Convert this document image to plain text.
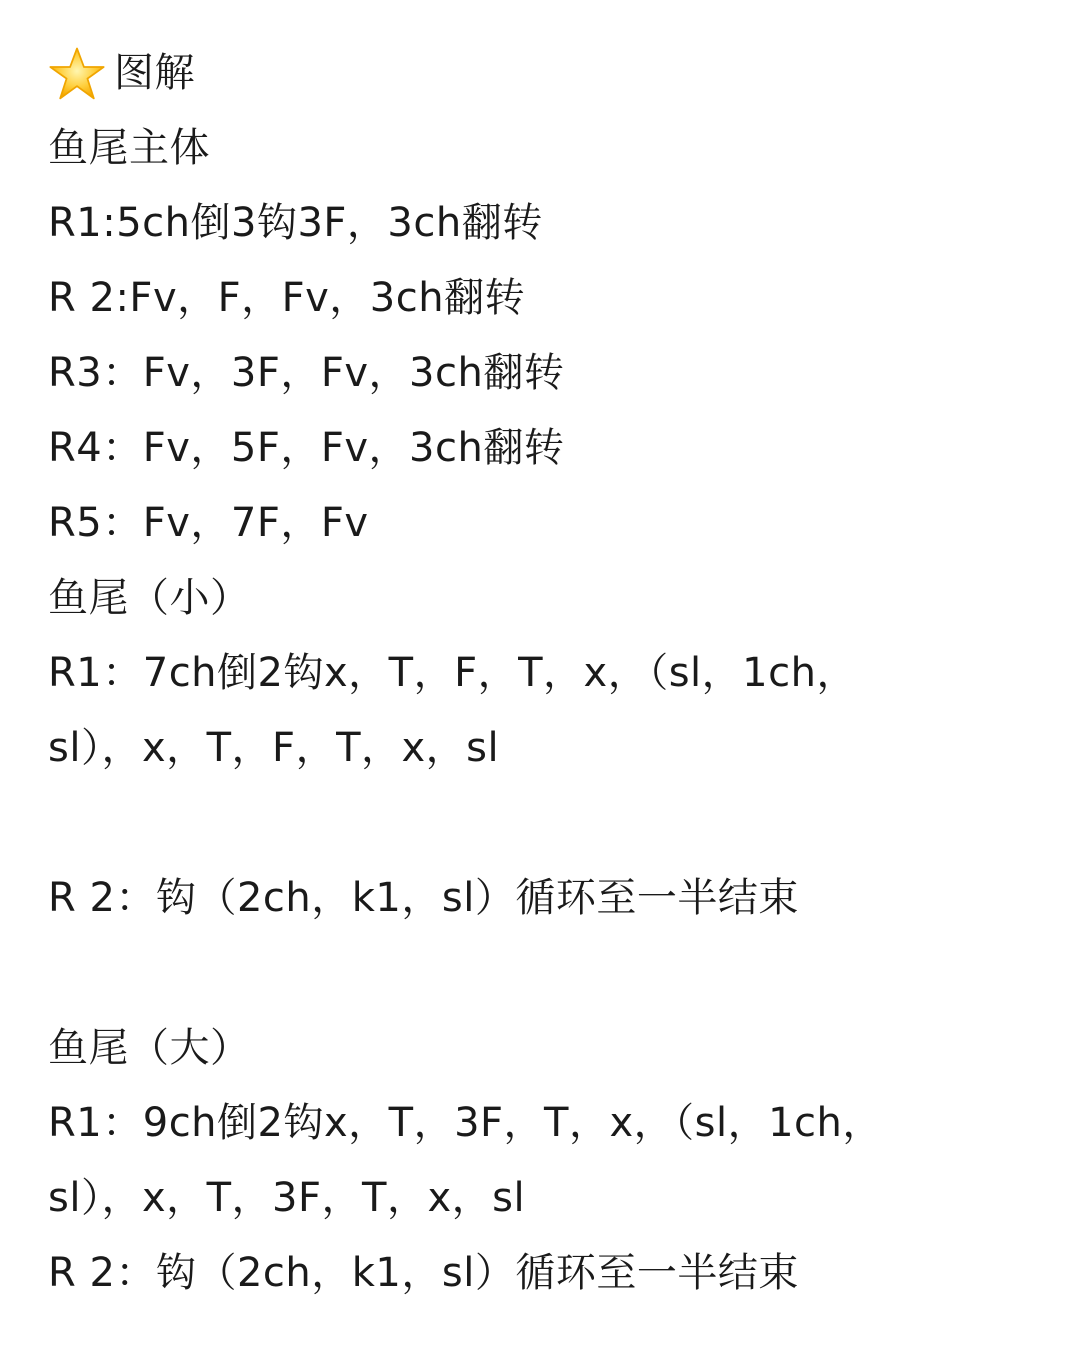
图解
鱼尾主体
R1:5ch倒3钩3F，3ch翻转
R 2:Fv，F，Fv，3ch翻转
R3：Fv，3F，Fv，3ch翻转
R4：Fv，5F，Fv，3ch翻转
R5：Fv，7F，Fv
鱼尾（小）
R1：7ch倒2钩x，T，F，T，x，（sl，1ch，
sl），x，T，F，T，x，sl
R 2：钩（2ch，k1，sl）循环至一半结束
鱼尾（大）
R1：9ch倒2钩x，T，3F，T，x，（sl，1ch，
sl），x，T，3F，T，x，sl
R 2：钩（2ch，k1，sl）循环至一半结束
